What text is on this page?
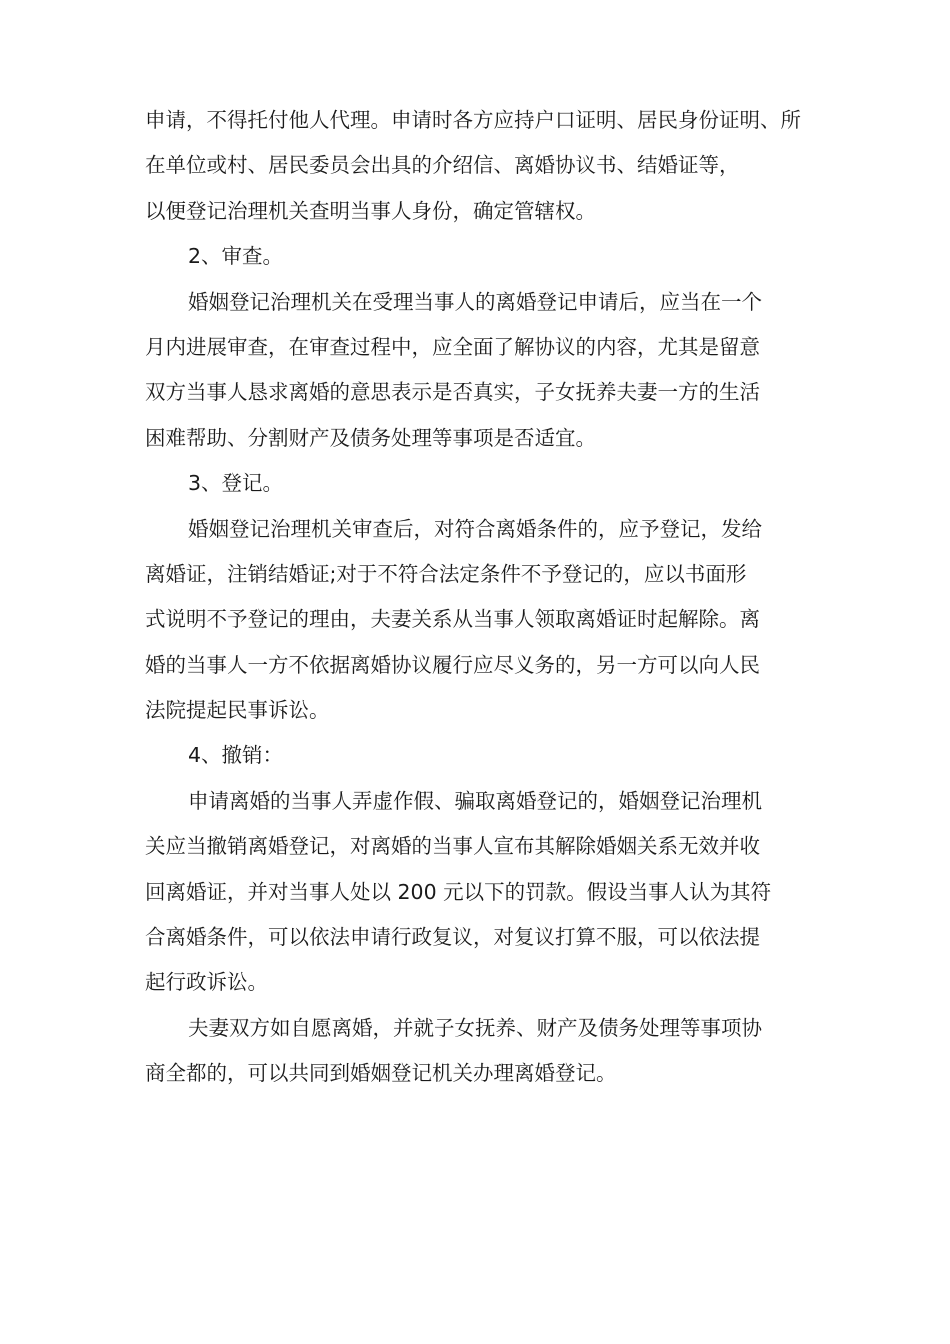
申请，不得托付他人代理。申请时各方应持户口证明、居民身份证明、所
在单位或村、居民委员会出具的介绍信、离婚协议书、结婚证等，
以便登记治理机关查明当事人身份，确定管辖权。
2、审查。
婚姻登记治理机关在受理当事人的离婚登记申请后，应当在一个
月内进展审查，在审查过程中，应全面了解协议的内容，尤其是留意
双方当事人恳求离婚的意思表示是否真实，子女抚养夫妻一方的生活
困难帮助、分割财产及债务处理等事项是否适宜。
3、登记。
婚姻登记治理机关审查后，对符合离婚条件的，应予登记，发给
离婚证，注销结婚证;对于不符合法定条件不予登记的，应以书面形
式说明不予登记的理由，夫妻关系从当事人领取离婚证时起解除。离
婚的当事人一方不依据离婚协议履行应尽义务的，另一方可以向人民
法院提起民事诉讼。
4、撤销：
申请离婚的当事人弄虚作假、骗取离婚登记的，婚姻登记治理机
关应当撤销离婚登记，对离婚的当事人宣布其解除婚姻关系无效并收
回离婚证，并对当事人处以 200 元以下的罚款。假设当事人认为其符
合离婚条件，可以依法申请行政复议，对复议打算不服，可以依法提
起行政诉讼。
夫妻双方如自愿离婚，并就子女抚养、财产及债务处理等事项协
商全都的，可以共同到婚姻登记机关办理离婚登记。
